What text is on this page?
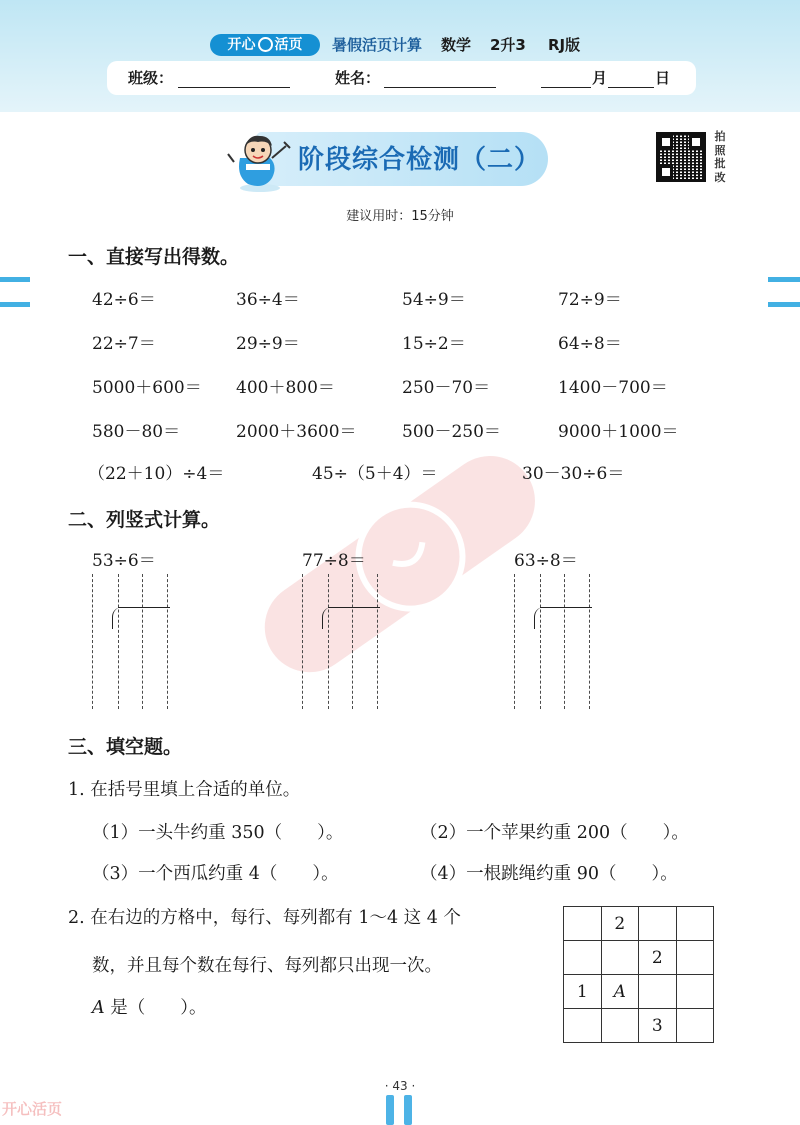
开心 活页	暑假活页计算 数学 2升3 RJ版
班级：	姓名：	月	日
阶段综合检测（二）
拍照批改
建议用时：15分钟
一、直接写出得数。
42÷6＝	36÷4＝	54÷9＝	72÷9＝
22÷7＝	29÷9＝	15÷2＝	64÷8＝
5000＋600＝ 400＋800＝	250－70＝	1400－700＝
580－80＝	2000＋3600＝	500－250＝	9000＋1000＝
（22＋10）÷4＝	45÷（5＋4）＝	30－30÷6＝
二、列竖式计算。
53÷6＝	77÷8＝	63÷8＝
三、填空题。
1. 在括号里填上合适的单位。
（1）一头牛约重 350（　　）。	（2）一个苹果约重 200（　　）。
（3）一个西瓜约重 4（　　）。	（4）一根跳绳约重 90（　　）。
2. 在右边的方格中，每行、每列都有 1～4 这 4 个
数，并且每个数在每行、每列都只出现一次。
A 是（　　）。
	2		
		2	
1	A		
		3	
· 43 ·
开心活页
